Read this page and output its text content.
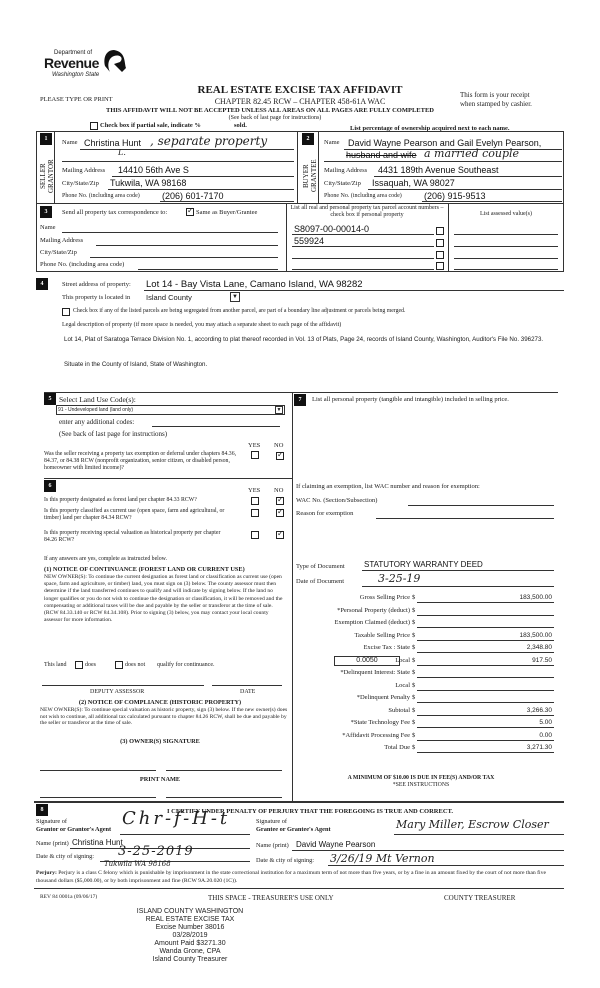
Department of
Revenue
Washington State
PLEASE TYPE OR PRINT
REAL ESTATE EXCISE TAX AFFIDAVIT
CHAPTER 82.45 RCW – CHAPTER 458-61A WAC
This form is your receipt
when stamped by cashier.
THIS AFFIDAVIT WILL NOT BE ACCEPTED UNLESS ALL AREAS ON ALL PAGES ARE FULLY COMPLETED
(See back of last page for instructions)
Check box if partial sale, indicate %	sold.	List percentage of ownership acquired next to each name.
1
SELLER GRANTOR
Name Christina Hunt , separate property
L.
Mailing Address 14410 56th Ave S
City/State/Zip Tukwila, WA 98168
Phone No. (including area code) (206) 601-7170
2
BUYER GRANTEE
Name David Wayne Pearson and Gail Evelyn Pearson,
husband and wife a married couple
Mailing Address 4431 189th Avenue Southeast
City/State/Zip Issaquah, WA 98027
Phone No. (including area code) (206) 915-9513
3	Send all property tax correspondence to: ✓	Same as Buyer/Grantee
Name
Mailing Address
City/State/Zip
Phone No. (including area code)
List all real and personal property tax parcel account numbers – check box if personal property	List assessed value(s)
S8097-00-00014-0
559924
4	Street address of property: Lot 14 - Bay Vista Lane, Camano Island, WA 98282
This property is located in Island County	▼
Check box if any of the listed parcels are being segregated from another parcel, are part of a boundary line adjustment or parcels being merged.
Legal description of property (if more space is needed, you may attach a separate sheet to each page of the affidavit)
Lot 14, Plat of Saratoga Terrace Division No. 1, according to plat thereof recorded in Vol. 13 of Plats, Page 24, records of Island County, Washington, Auditor's File No. 396273.
Situate in the County of Island, State of Washington.
5	Select Land Use Code(s):
91 - Undeveloped land (land only)	▼
enter any additional codes:
(See back of last page for instructions)
YES NO
Was the seller receiving a property tax exemption or deferral under chapters 84.36, 84.37, or 84.38 RCW (nonprofit organization, senior citizen, or disabled person, homeowner with limited income)?
✓
6
YES NO
Is this property designated as forest land per chapter 84.33 RCW?
✓
Is this property classified as current use (open space, farm and agricultural, or timber) land per chapter 84.34 RCW?
✓
Is this property receiving special valuation as historical property per chapter 84.26 RCW?
✓
If any answers are yes, complete as instructed below.
(1) NOTICE OF CONTINUANCE (FOREST LAND OR CURRENT USE)
NEW OWNER(S): To continue the current designation as forest land or classification as current use (open space, farm and agriculture, or timber) land, you must sign on (3) below. The county assessor must then determine if the land transferred continues to qualify and will indicate by signing below. If the land no longer qualifies or you do not wish to continue the designation or classification, it will be removed and the compensating or additional taxes will be due and payable by the seller or transferor at the time of sale. (RCW 84.33.140 or RCW 84.34.108). Prior to signing (3) below, you may contact your local county assessor for more information.
This land	does	does not qualify for continuance.
DEPUTY ASSESSOR	DATE
(2) NOTICE OF COMPLIANCE (HISTORIC PROPERTY)
NEW OWNER(S): To continue special valuation as historic property, sign (3) below. If the new owner(s) does not wish to continue, all additional tax calculated pursuant to chapter 84.26 RCW, shall be due and payable by the seller or transferor at the time of sale.
(3) OWNER(S) SIGNATURE
PRINT NAME
7	List all personal property (tangible and intangible) included in selling price.
If claiming an exemption, list WAC number and reason for exemption:
WAC No. (Section/Subsection)
Reason for exemption
Type of Document STATUTORY WARRANTY DEED
Date of Document	3-25-19
Gross Selling Price $	183,500.00
*Personal Property (deduct) $
Exemption Claimed (deduct) $
Taxable Selling Price $	183,500.00
Excise Tax : State $	2,348.80
0.0050	Local $	917.50
*Delinquent Interest: State $
Local $
*Delinquent Penalty $
Subtotal $	3,266.30
*State Technology Fee $	5.00
*Affidavit Processing Fee $	0.00
Total Due $	3,271.30
A MINIMUM OF $10.00 IS DUE IN FEE(S) AND/OR TAX
*SEE INSTRUCTIONS
8	I CERTIFY UNDER PENALTY OF PERJURY THAT THE FOREGOING IS TRUE AND CORRECT.
Signature of
Grantor or Grantor's Agent
Chr-f-H-t
Name (print) Christina Hunt
Date & city of signing: 3-25-2019
Tukwila WA 98168
Signature of
Grantee or Grantee's Agent	Mary Miller, Escrow Closer
Name (print) David Wayne Pearson
Date & city of signing: 3/26/19 Mt Vernon
Perjury: Perjury is a class C felony which is punishable by imprisonment in the state correctional institution for a maximum term of not more than five years, or by a fine in an amount fixed by the court of not more than five thousand dollars ($5,000.00), or by both imprisonment and fine (RCW 9A.20.020 (1C)).
REV 84 0001a (09/06/17)	THIS SPACE - TREASURER'S USE ONLY	COUNTY TREASURER
ISLAND COUNTY WASHINGTON
REAL ESTATE EXCISE TAX
Excise Number 38016
03/28/2019
Amount Paid $3271.30
Wanda Grone, CPA
Island County Treasurer
